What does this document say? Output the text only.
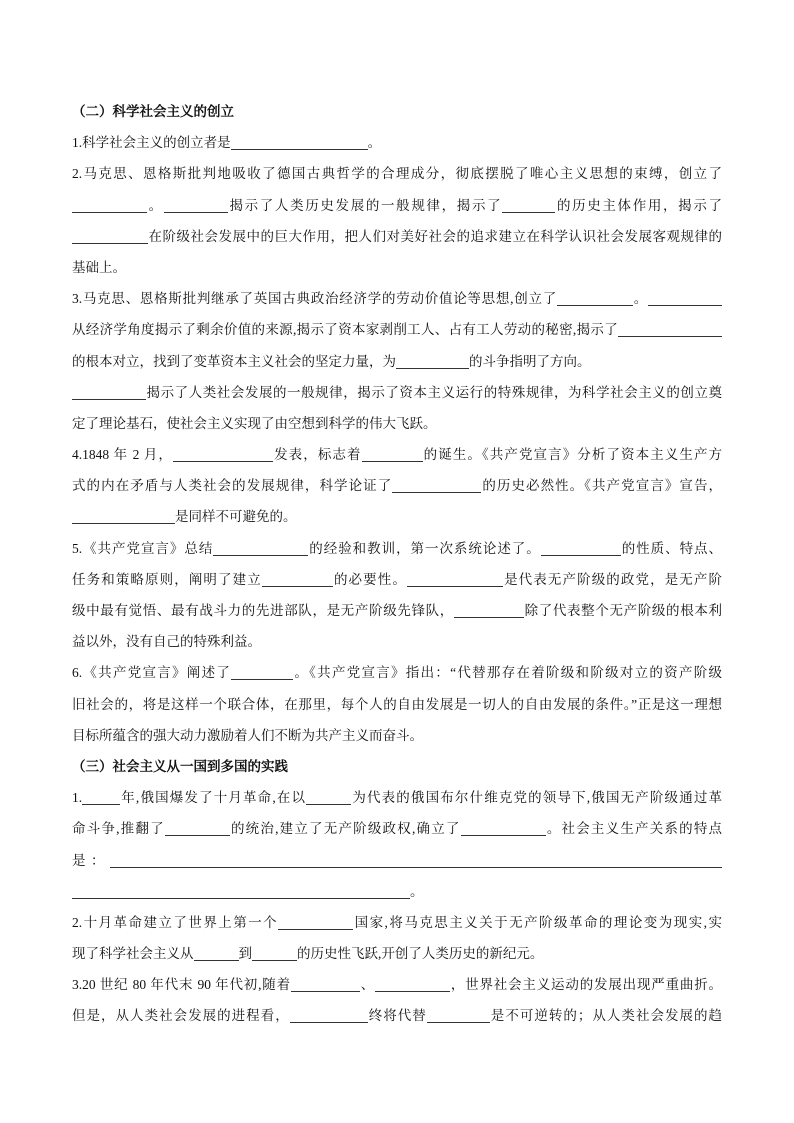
（二）科学社会主义的创立
1.科学社会主义的创立者是	。
2.马克思、恩格斯批判地吸收了德国古典哲学的合理成分，彻底摆脱了唯心主义思想的束缚，创立了
。	揭示了人类历史发展的一般规律，揭示了	的历史主体作用，揭示了
在阶级社会发展中的巨大作用，把人们对美好社会的追求建立在科学认识社会发展客观规律的
基础上。
3.马克思、恩格斯批判继承了英国古典政治经济学的劳动价值论等思想,创立了	。
从经济学角度揭示了剩余价值的来源,揭示了资本家剥削工人、占有工人劳动的秘密,揭示了
的根本对立，找到了变革资本主义社会的坚定力量，为	的斗争指明了方向。
揭示了人类社会发展的一般规律，揭示了资本主义运行的特殊规律，为科学社会主义的创立奠
定了理论基石，使社会主义实现了由空想到科学的伟大飞跃。
4.1848 年 2 月，	发表，标志着	的诞生。《共产党宣言》分析了资本主义生产方
式的内在矛盾与人类社会的发展规律，科学论证了	的历史必然性。《共产党宣言》宣告，
是同样不可避免的。
5.《共产党宣言》总结	的经验和教训，第一次系统论述了。	的性质、特点、
任务和策略原则，阐明了建立	的必要性。	是代表无产阶级的政党，是无产阶
级中最有觉悟、最有战斗力的先进部队，是无产阶级先锋队，	除了代表整个无产阶级的根本利
益以外，没有自己的特殊利益。
6.《共产党宣言》阐述了	。《共产党宣言》指出：“代替那存在着阶级和阶级对立的资产阶级
旧社会的，将是这样一个联合体，在那里，每个人的自由发展是一切人的自由发展的条件。”正是这一理想
目标所蕴含的强大动力激励着人们不断为共产主义而奋斗。
（三）社会主义从一国到多国的实践
1.	年,俄国爆发了十月革命,在以	为代表的俄国布尔什维克党的领导下,俄国无产阶级通过革
命斗争,推翻了	的统治,建立了无产阶级政权,确立了	。社会主义生产关系的特点
是：
。
2.十月革命建立了世界上第一个	国家,将马克思主义关于无产阶级革命的理论变为现实,实
现了科学社会主义从	到	的历史性飞跃,开创了人类历史的新纪元。
3.20 世纪 80 年代末 90 年代初,随着	、	，世界社会主义运动的发展出现严重曲折。
但是，从人类社会发展的进程看，	终将代替	是不可逆转的；从人类社会发展的趋
